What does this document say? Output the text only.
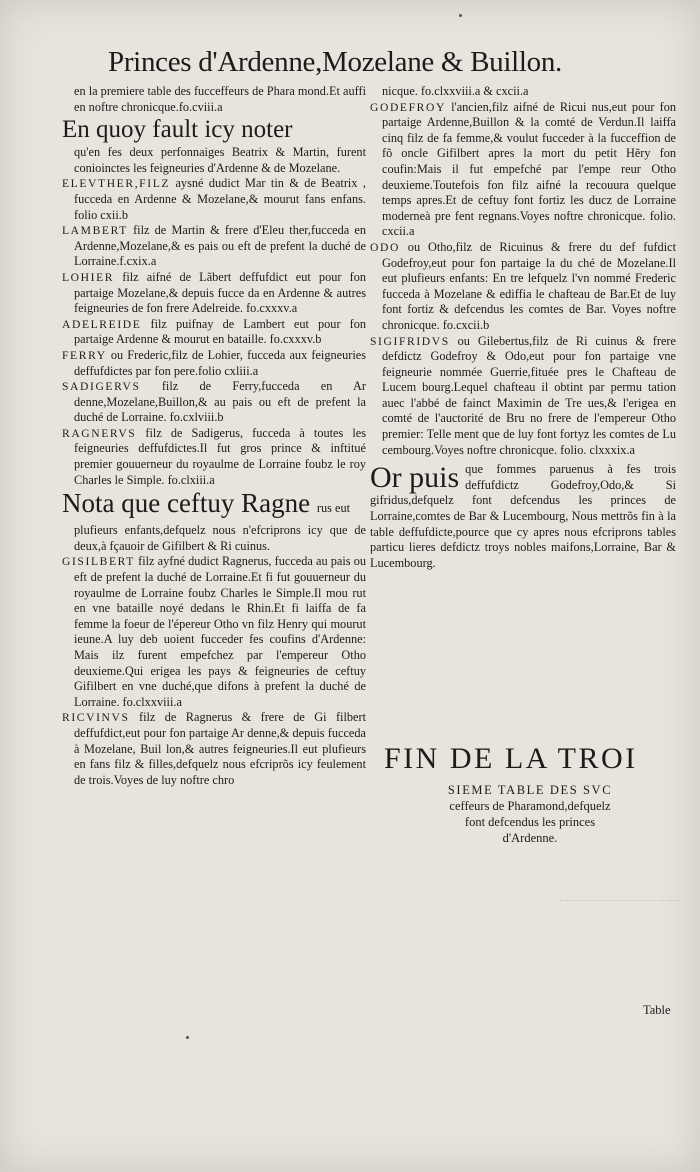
Princes d'Ardenne,Mozelane & Buillon.

en la premiere table des fucceffeurs de Phara mond.Et auffi en noftre chronicque.fo.cviii.a

En quoy fault icy noter

qu'en fes deux perfonnaiges Beatrix & Martin, furent conioinctes les feigneuries d'Ardenne & de Mozelane.

ELEVTHER,FILZ aysné dudict Mar tin & de Beatrix , fucceda en Ardenne & Mozelane,& mourut fans enfans. folio cxii.b

LAMBERT filz de Martin & frere d'Eleu ther,fucceda en Ardenne,Mozelane,& es pais ou eft de prefent la duché de Lorraine.f.cxix.a

LOHIER filz aifné de Lãbert deffufdict eut pour fon partaige Mozelane,& depuis fucce da en Ardenne & autres feigneuries de fon frere Adelreide. fo.cxxxv.a

ADELREIDE filz puifnay de Lambert eut pour fon partaige Ardenne & mourut en bataille. fo.cxxxv.b

FERRY ou Frederic,filz de Lohier, fucceda aux feigneuries deffufdictes par fon pere.folio cxliii.a

SADIGERVS filz de Ferry,fucceda en Ar denne,Mozelane,Buillon,& au pais ou eft de prefent la duché de Lorraine. fo.cxlviii.b

RAGNERVS filz de Sadigerus, fucceda à toutes les feigneuries deffufdictes.Il fut gros prince & inftitué premier gouuerneur du royaulme de Lorraine foubz le roy Charles le Simple. fo.clxiii.a

Nota que ceftuy Ragne rus eut

plufieurs enfants,defquelz nous n'efcriprons icy que de deux,à fçauoir de Gifilbert & Ri cuinus.

GISILBERT filz ayfné dudict Ragnerus, fucceda au pais ou eft de prefent la duché de Lorraine.Et fi fut gouuerneur du royaulme de Lorraine foubz Charles le Simple.Il mou rut en vne bataille noyé dedans le Rhin.Et fi laiffa de fa femme la foeur de l'épereur Otho vn filz Henry qui mourut ieune.A luy deb uoient fucceder fes coufins d'Ardenne: Mais ilz furent empefchez par l'empereur Otho deuxieme.Qui erigea les pays & feigneuries de ceftuy Gifilbert en vne duché,que difons à prefent la duché de Lorraine. fo.clxxviii.a

RICVINVS filz de Ragnerus & frere de Gi filbert deffufdict,eut pour fon partaige Ar denne,& depuis fucceda à Mozelane, Buil lon,& autres feigneuries.Il eut plufieurs en fans filz & filles,defquelz nous efcriprõs icy feulement de trois.Voyes de luy noftre chro

nicque. fo.clxxviii.a & cxcii.a

GODEFROY l'ancien,filz aifné de Ricui nus,eut pour fon partaige Ardenne,Buillon & la comté de Verdun.Il laiffa cinq filz de fa femme,& voulut fucceder à la fucceffion de fõ oncle Gifilbert apres la mort du petit Hẽry fon coufin:Mais il fut empefché par l'empe reur Otho deuxieme.Toutefois fon filz aifné la recouura quelque temps apres.Et de ceftuy font fortiz les ducz de Lorraine moderneà pre fent regnans.Voyes noftre chronicque. folio. cxcii.a

ODO ou Otho,filz de Ricuinus & frere du def fufdict Godefroy,eut pour fon partaige la du ché de Mozelane.Il eut plufieurs enfants: En tre lefquelz l'vn nommé Frederic fucceda à Mozelane & ediffia le chafteau de Bar.Et de luy font fortiz & defcendus les comtes de Bar. Voyes noftre chronicque. fo.cxcii.b

SIGIFRIDVS ou Gilebertus,filz de Ri cuinus & frere defdictz Godefroy & Odo,eut pour fon partaige vne feigneurie nommée Guerrie,fituée pres le Chafteau de Lucem bourg.Lequel chafteau il obtint par permu tation auec l'abbé de fainct Maximin de Tre ues,& l'erigea en comté de l'auctorité de Bru no frere de l'empereur Otho premier: Telle ment que de luy font fortyz les comtes de Lu cembourg.Voyes noftre chronicque. folio. clxxxix.a

Or puis que fommes paruenus à fes trois deffufdictz Godefroy,Odo,& Si gifridus,defquelz font defcendus les princes de Lorraine,comtes de Bar & Lucembourg, Nous mettrõs fin à la table deffufdicte,pource que cy apres nous efcriprons tables particu lieres defdictz troys nobles maifons,Lorraine, Bar & Lucembourg.

FIN DE LA TROI
SIEME TABLE DES SVC
ceffeurs de Pharamond,defquelz
font defcendus les princes
d'Ardenne.
Table
